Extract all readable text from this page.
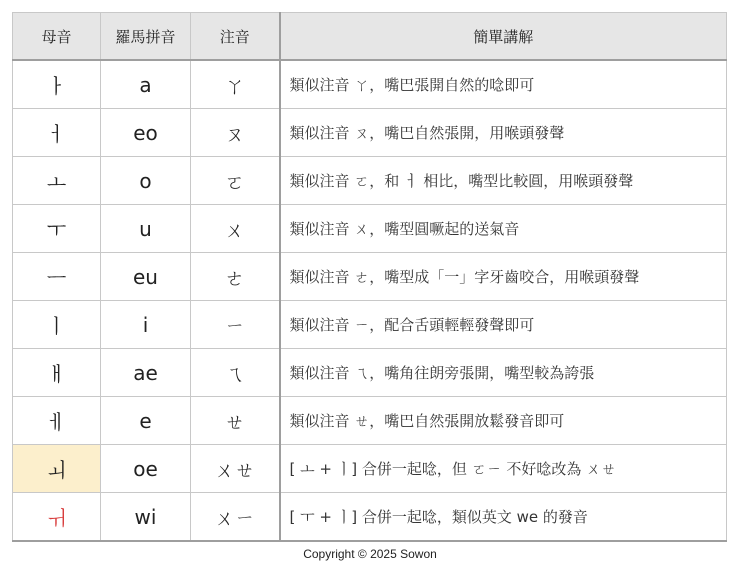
母音	羅馬拼音	注音	簡單講解
ㅏ	a	ㄚ	類似注音 ㄚ，嘴巴張開自然的唸即可
ㅓ	eo	ㄡ	類似注音 ㄡ，嘴巴自然張開，用喉頭發聲
ㅗ	o	ㄛ	類似注音 ㄛ，和 ㅓ 相比，嘴型比較圓，用喉頭發聲
ㅜ	u	ㄨ	類似注音 ㄨ，嘴型圓噘起的送氣音
ㅡ	eu	ㄜ	類似注音 ㄜ，嘴型成「一」字牙齒咬合，用喉頭發聲
ㅣ	i	ㄧ	類似注音 ㄧ，配合舌頭輕輕發聲即可
ㅐ	ae	ㄟ	類似注音 ㄟ，嘴角往朗旁張開，嘴型較為誇張
ㅔ	e	ㄝ	類似注音 ㄝ，嘴巴自然張開放鬆發音即可
ㅚ	oe	ㄨㄝ	[ ㅗ + ㅣ] 合併一起唸，但 ㄛㄧ 不好唸改為 ㄨㄝ
ㅟ	wi	ㄨㄧ	[ ㅜ + ㅣ] 合併一起唸，類似英文 we 的發音
Copyright © 2025 Sowon
